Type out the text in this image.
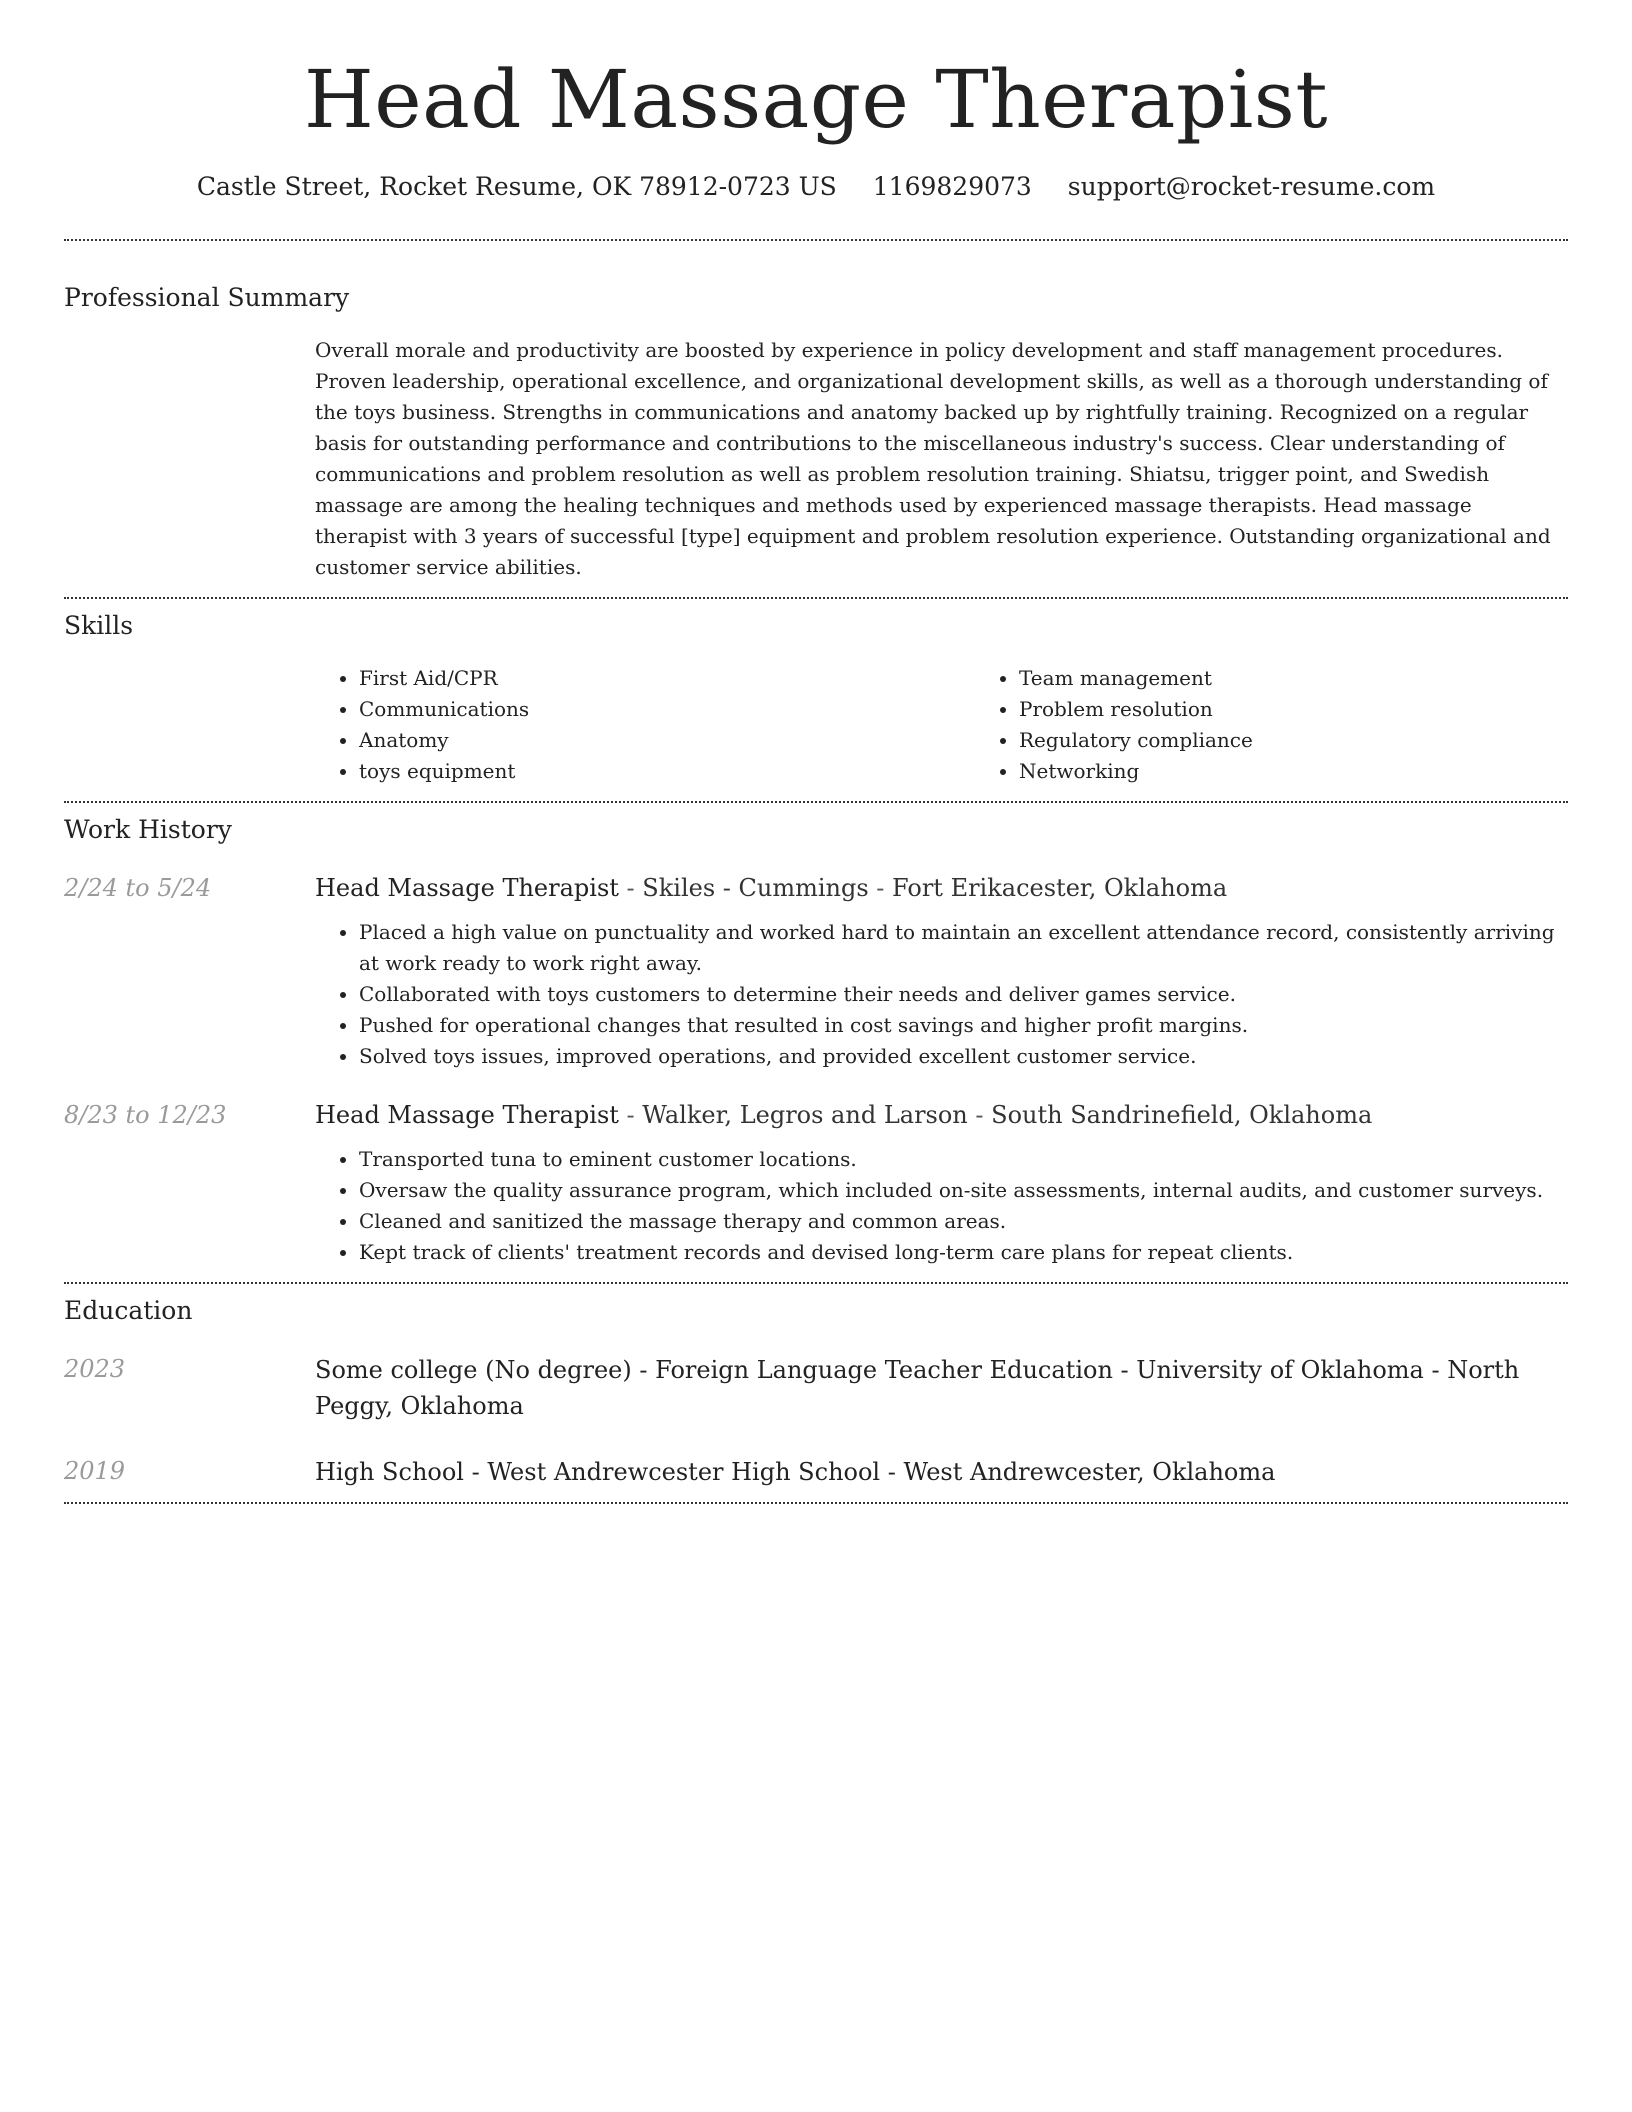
Head Massage Therapist
Castle Street, Rocket Resume, OK 78912-0723 US 1169829073 support@rocket-resume.com
Professional Summary

Overall morale and productivity are boosted by experience in policy development and staff management procedures. Proven leadership, operational excellence, and organizational development skills, as well as a thorough understanding of the toys business. Strengths in communications and anatomy backed up by rightfully training. Recognized on a regular basis for outstanding performance and contributions to the miscellaneous industry's success. Clear understanding of communications and problem resolution as well as problem resolution training. Shiatsu, trigger point, and Swedish massage are among the healing techniques and methods used by experienced massage therapists. Head massage therapist with 3 years of successful [type] equipment and problem resolution experience. Outstanding organizational and customer service abilities.

Skills
• First Aid/CPR
• Communications
• Anatomy
• toys equipment
• Team management
• Problem resolution
• Regulatory compliance
• Networking
Work History
2/24 to 5/24	Head Massage Therapist - Skiles - Cummings - Fort Erikacester, Oklahoma

• Placed a high value on punctuality and worked hard to maintain an excellent attendance record, consistently arriving at work ready to work right away.
• Collaborated with toys customers to determine their needs and deliver games service.
• Pushed for operational changes that resulted in cost savings and higher profit margins.
• Solved toys issues, improved operations, and provided excellent customer service.
8/23 to 12/23	Head Massage Therapist - Walker, Legros and Larson - South Sandrinefield, Oklahoma

• Transported tuna to eminent customer locations.
• Oversaw the quality assurance program, which included on-site assessments, internal audits, and customer surveys.
• Cleaned and sanitized the massage therapy and common areas.
• Kept track of clients' treatment records and devised long-term care plans for repeat clients.
Education
2023	Some college (No degree) - Foreign Language Teacher Education - University of Oklahoma - North Peggy, Oklahoma

2019	High School - West Andrewcester High School - West Andrewcester, Oklahoma
